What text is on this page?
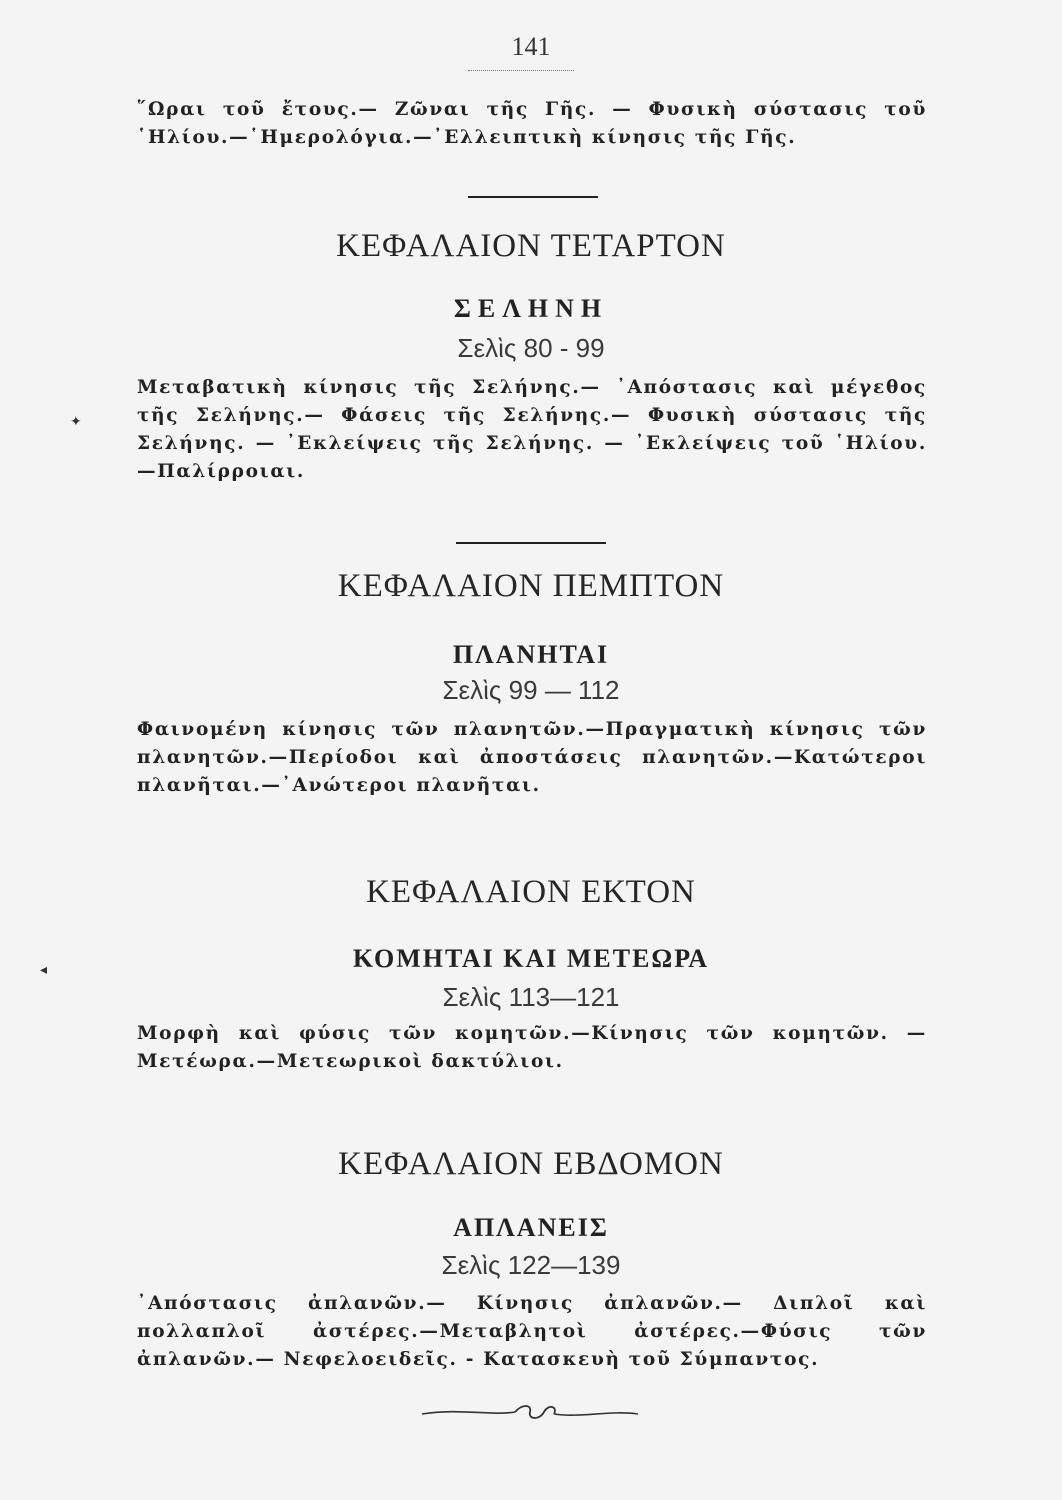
141

῞Ωραι τοῦ ἔτους.— Ζῶναι τῆς Γῆς. — Φυσικὴ σύστασις τοῦ ῾Ηλίου.—῾Ημερολόγια.—᾿Ελλειπτικὴ κίνησις τῆς Γῆς.

ΚΕΦΑΛΑΙΟΝ ΤΕΤΑΡΤΟΝ
ΣΕΛΗΝΗ

Σελὶς 80 - 99

Μεταβατικὴ κίνησις τῆς Σελήνης.— ᾿Απόστασις καὶ μέγεθος τῆς Σελήνης.— Φάσεις τῆς Σελήνης.— Φυσικὴ σύστασις τῆς Σελήνης. — ᾿Εκλείψεις τῆς Σελήνης. — ᾿Εκλείψεις τοῦ ῾Ηλίου.—Παλίρροιαι.

ΚΕΦΑΛΑΙΟΝ ΠΕΜΠΤΟΝ
ΠΛΑΝΗΤΑΙ

Σελὶς 99 — 112

Φαινομένη κίνησις τῶν πλανητῶν.—Πραγματικὴ κίνησις τῶν πλανητῶν.—Περίοδοι καὶ ἀποστάσεις πλανητῶν.—Κατώτεροι πλανῆται.—᾿Ανώτεροι πλανῆται.

ΚΕΦΑΛΑΙΟΝ ΕΚΤΟΝ
ΚΟΜΗΤΑΙ ΚΑΙ ΜΕΤΕΩΡΑ

Σελὶς 113—121

Μορφὴ καὶ φύσις τῶν κομητῶν.—Κίνησις τῶν κομητῶν. —Μετέωρα.—Μετεωρικοὶ δακτύλιοι.

ΚΕΦΑΛΑΙΟΝ ΕΒΔΟΜΟΝ
ΑΠΛΑΝΕΙΣ

Σελὶς 122—139

᾿Απόστασις ἀπλανῶν.— Κίνησις ἀπλανῶν.— Διπλοῖ καὶ πολλαπλοῖ ἀστέρες.—Μεταβλητοὶ ἀστέρες.—Φύσις τῶν ἀπλανῶν.— Νεφελοειδεῖς. - Κατασκευὴ τοῦ Σύμπαντος.

✦
◂
